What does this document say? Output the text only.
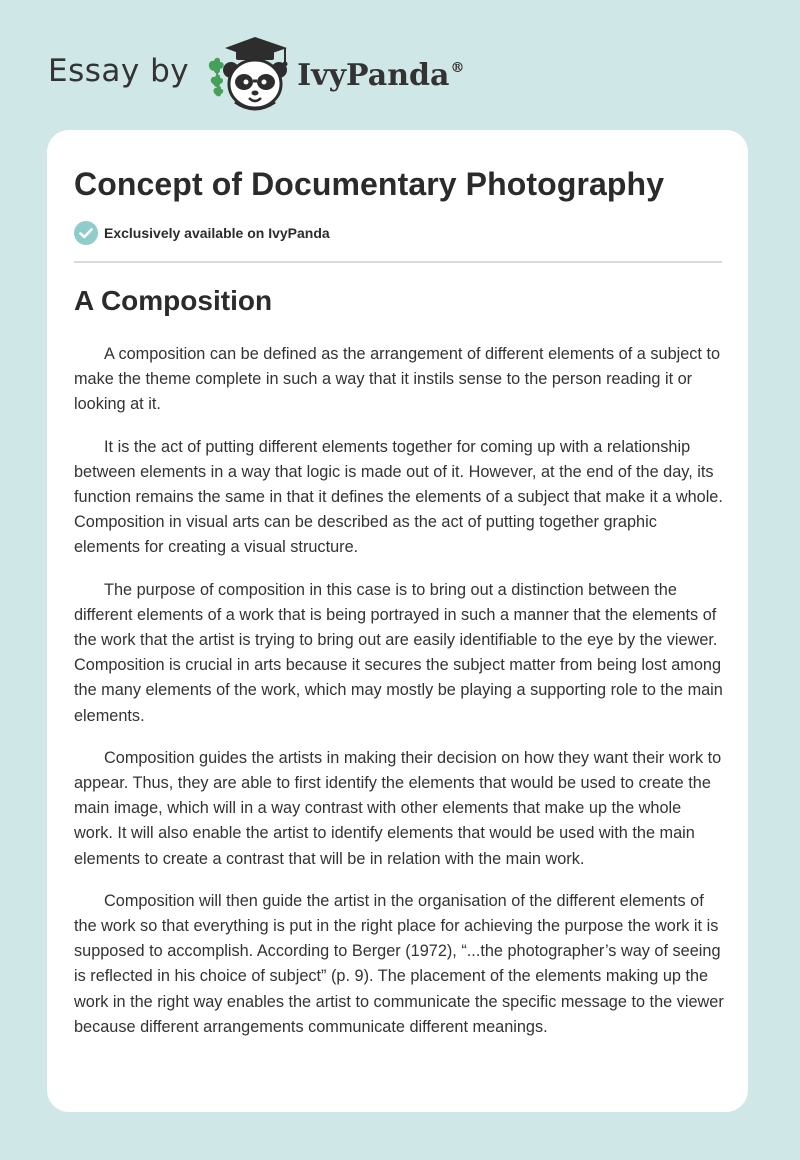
Essay by	IvyPanda®
Concept of Documentary Photography
Exclusively available on IvyPanda
A Composition

A composition can be defined as the arrangement of different elements of a subject to make the theme complete in such a way that it instils sense to the person reading it or looking at it.

It is the act of putting different elements together for coming up with a relationship between elements in a way that logic is made out of it. However, at the end of the day, its function remains the same in that it defines the elements of a subject that make it a whole. Composition in visual arts can be described as the act of putting together graphic elements for creating a visual structure.

The purpose of composition in this case is to bring out a distinction between the different elements of a work that is being portrayed in such a manner that the elements of the work that the artist is trying to bring out are easily identifiable to the eye by the viewer. Composition is crucial in arts because it secures the subject matter from being lost among the many elements of the work, which may mostly be playing a supporting role to the main elements.

Composition guides the artists in making their decision on how they want their work to appear. Thus, they are able to first identify the elements that would be used to create the main image, which will in a way contrast with other elements that make up the whole work. It will also enable the artist to identify elements that would be used with the main elements to create a contrast that will be in relation with the main work.

Composition will then guide the artist in the organisation of the different elements of the work so that everything is put in the right place for achieving the purpose the work it is supposed to accomplish. According to Berger (1972), “...the photographer’s way of seeing is reflected in his choice of subject” (p. 9). The placement of the elements making up the work in the right way enables the artist to communicate the specific message to the viewer because different arrangements communicate different meanings.
